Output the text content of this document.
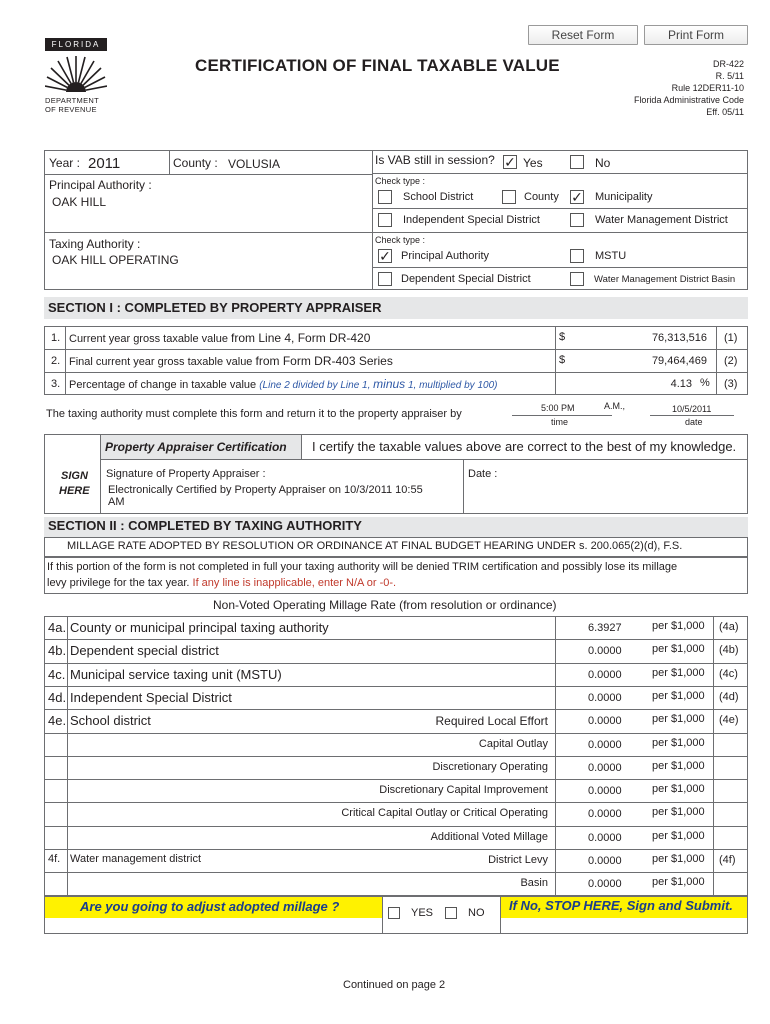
Reset Form	Print Form
FLORIDA
DEPARTMENT
OF REVENUE
CERTIFICATION OF FINAL TAXABLE VALUE	DR-422
R. 5/11
Rule 12DER11-10
Florida Administrative Code
Eff. 05/11
Year : 2011	County : VOLUSIA
Principal Authority :
OAK HILL
Taxing Authority :
OAK HILL OPERATING
Is VAB still in session? ✓ Yes	No
Check type :
School District	County ✓ Municipality
Independent Special District	Water Management District
Check type :
✓ Principal Authority	MSTU
Dependent Special District	Water Management District Basin
SECTION I : COMPLETED BY PROPERTY APPRAISER
1. Current year gross taxable value from Line 4, Form DR-420	$	76,313,516 (1)
2. Final current year gross taxable value from Form DR-403 Series	$	79,464,469 (2)
3. Percentage of change in taxable value (Line 2 divided by Line 1, minus 1, multiplied by 100)	4.13 % (3)
The taxing authority must complete this form and return it to the property appraiser by	5:00 PM
time
A.M.,	10/5/2011
date
Property Appraiser Certification I certify the taxable values above are correct to the best of my knowledge.
SIGN
HERE
Signature of Property Appraiser :
Electronically Certified by Property Appraiser on 10/3/2011 10:55
AM
Date :
SECTION II : COMPLETED BY TAXING AUTHORITY
MILLAGE RATE ADOPTED BY RESOLUTION OR ORDINANCE AT FINAL BUDGET HEARING UNDER s. 200.065(2)(d), F.S.
If this portion of the form is not completed in full your taxing authority will be denied TRIM certification and possibly lose its millage
levy privilege for the tax year. If any line is inapplicable, enter N/A or -0-.
Non-Voted Operating Millage Rate (from resolution or ordinance)
4a. County or municipal principal taxing authority	6.3927	per $1,000 (4a)
4b. Dependent special district	0.0000	per $1,000 (4b)
4c. Municipal service taxing unit (MSTU)	0.0000	per $1,000 (4c)
4d. Independent Special District	0.0000	per $1,000 (4d)
4e. School district	Required Local Effort	0.0000	per $1,000 (4e)
Capital Outlay	0.0000	per $1,000
Discretionary Operating	0.0000	per $1,000
Discretionary Capital Improvement	0.0000	per $1,000
Critical Capital Outlay or Critical Operating	0.0000	per $1,000
Additional Voted Millage	0.0000	per $1,000
4f. Water management district	District Levy	0.0000	per $1,000 (4f)
Basin	0.0000	per $1,000
Are you going to adjust adopted millage ?	YES	NO If No, STOP HERE, Sign and Submit.
Continued on page 2
